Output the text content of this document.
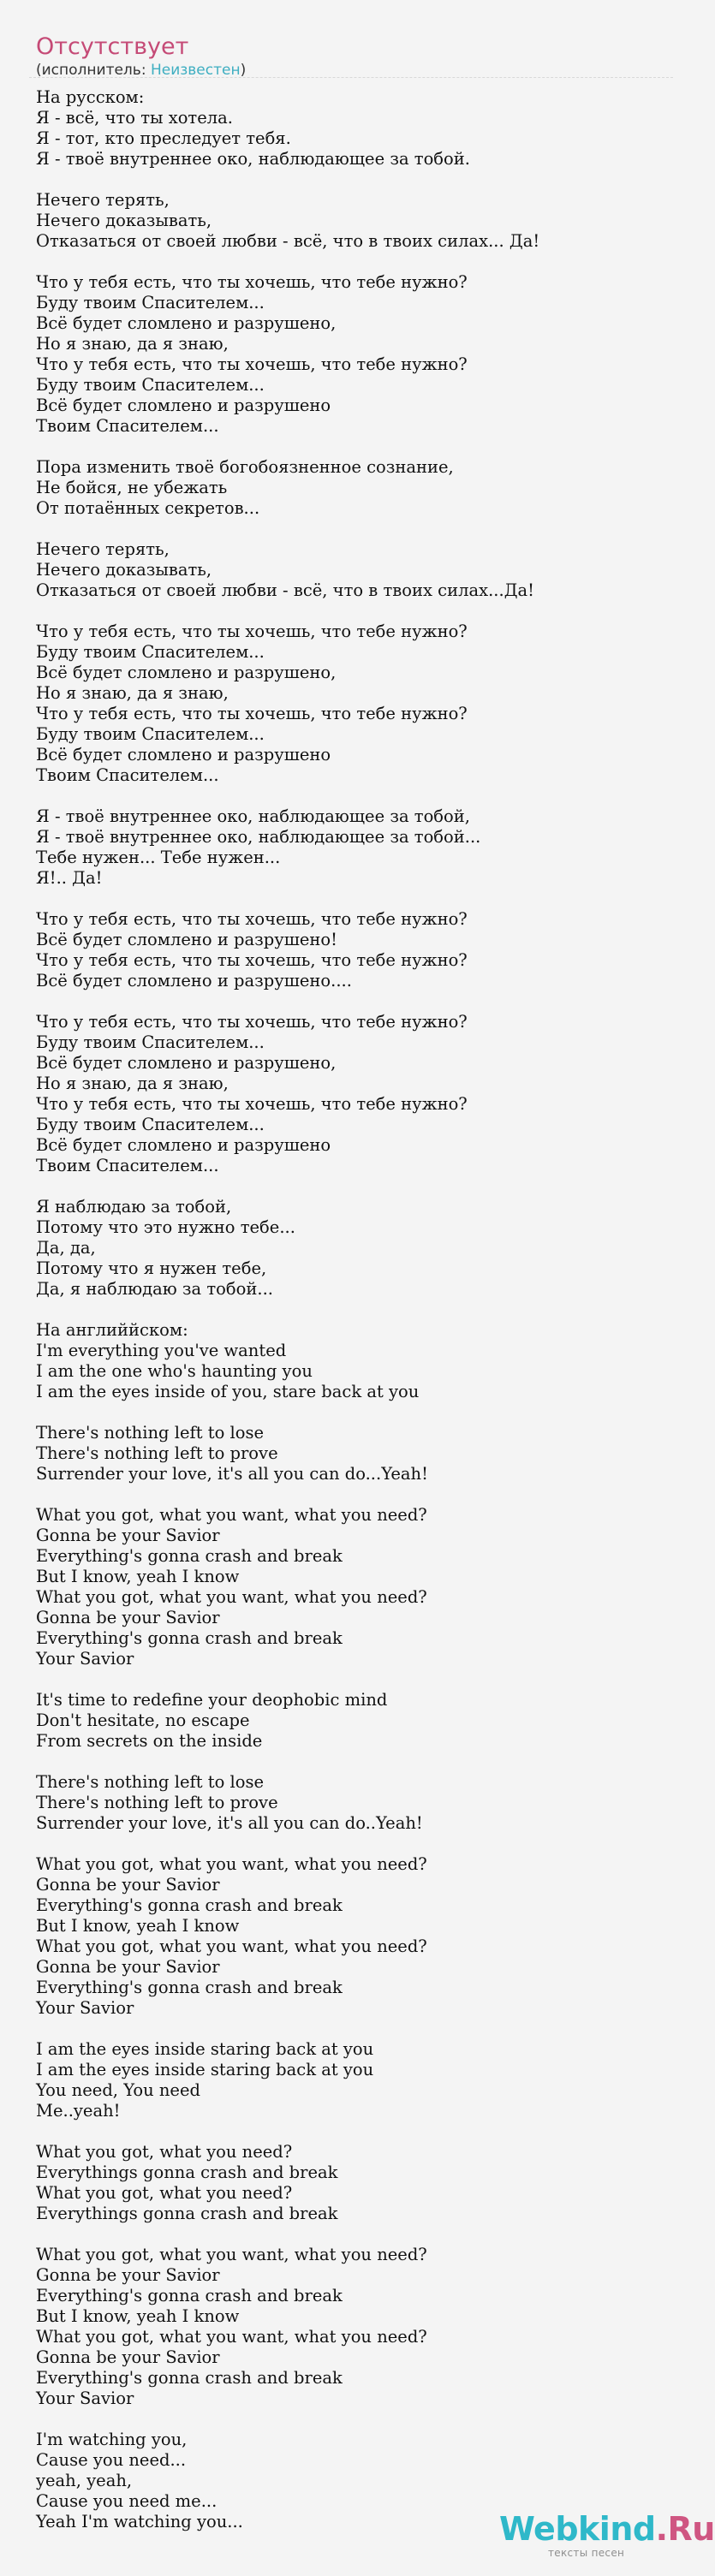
Отсутствует
(исполнитель: Неизвестен)
На русском:
Я - всё, что ты хотела.
Я - тот, кто преследует тебя.
Я - твоё внутреннее око, наблюдающее за тобой.
Нечего терять,
Нечего доказывать,
Отказаться от своей любви - всё, что в твоих силах... Да!
Что у тебя есть, что ты хочешь, что тебе нужно?
Буду твоим Спасителем...
Всё будет сломлено и разрушено,
Но я знаю, да я знаю,
Что у тебя есть, что ты хочешь, что тебе нужно?
Буду твоим Спасителем...
Всё будет сломлено и разрушено
Твоим Спасителем...
Пора изменить твоё богобоязненное сознание,
Не бойся, не убежать
От потаённых секретов...
Нечего терять,
Нечего доказывать,
Отказаться от своей любви - всё, что в твоих силах...Да!
Что у тебя есть, что ты хочешь, что тебе нужно?
Буду твоим Спасителем...
Всё будет сломлено и разрушено,
Но я знаю, да я знаю,
Что у тебя есть, что ты хочешь, что тебе нужно?
Буду твоим Спасителем...
Всё будет сломлено и разрушено
Твоим Спасителем...
Я - твоё внутреннее око, наблюдающее за тобой,
Я - твоё внутреннее око, наблюдающее за тобой...
Тебе нужен... Тебе нужен...
Я!.. Да!
Что у тебя есть, что ты хочешь, что тебе нужно?
Всё будет сломлено и разрушено!
Что у тебя есть, что ты хочешь, что тебе нужно?
Всё будет сломлено и разрушено....
Что у тебя есть, что ты хочешь, что тебе нужно?
Буду твоим Спасителем...
Всё будет сломлено и разрушено,
Но я знаю, да я знаю,
Что у тебя есть, что ты хочешь, что тебе нужно?
Буду твоим Спасителем...
Всё будет сломлено и разрушено
Твоим Спасителем...
Я наблюдаю за тобой,
Потому что это нужно тебе...
Да, да,
Потому что я нужен тебе,
Да, я наблюдаю за тобой...
На английйском:
I'm everything you've wanted
I am the one who's haunting you
I am the eyes inside of you, stare back at you
There's nothing left to lose
There's nothing left to prove
Surrender your love, it's all you can do...Yeah!
What you got, what you want, what you need?
Gonna be your Savior
Everything's gonna crash and break
But I know, yeah I know
What you got, what you want, what you need?
Gonna be your Savior
Everything's gonna crash and break
Your Savior
It's time to redefine your deophobic mind
Don't hesitate, no escape
From secrets on the inside
There's nothing left to lose
There's nothing left to prove
Surrender your love, it's all you can do..Yeah!
What you got, what you want, what you need?
Gonna be your Savior
Everything's gonna crash and break
But I know, yeah I know
What you got, what you want, what you need?
Gonna be your Savior
Everything's gonna crash and break
Your Savior
I am the eyes inside staring back at you
I am the eyes inside staring back at you
You need, You need
Me..yeah!
What you got, what you need?
Everythings gonna crash and break
What you got, what you need?
Everythings gonna crash and break
What you got, what you want, what you need?
Gonna be your Savior
Everything's gonna crash and break
But I know, yeah I know
What you got, what you want, what you need?
Gonna be your Savior
Everything's gonna crash and break
Your Savior
I'm watching you,
Cause you need...
yeah, yeah,
Cause you need me...
Yeah I'm watching you...	Webkind.Ru
тексты песен
